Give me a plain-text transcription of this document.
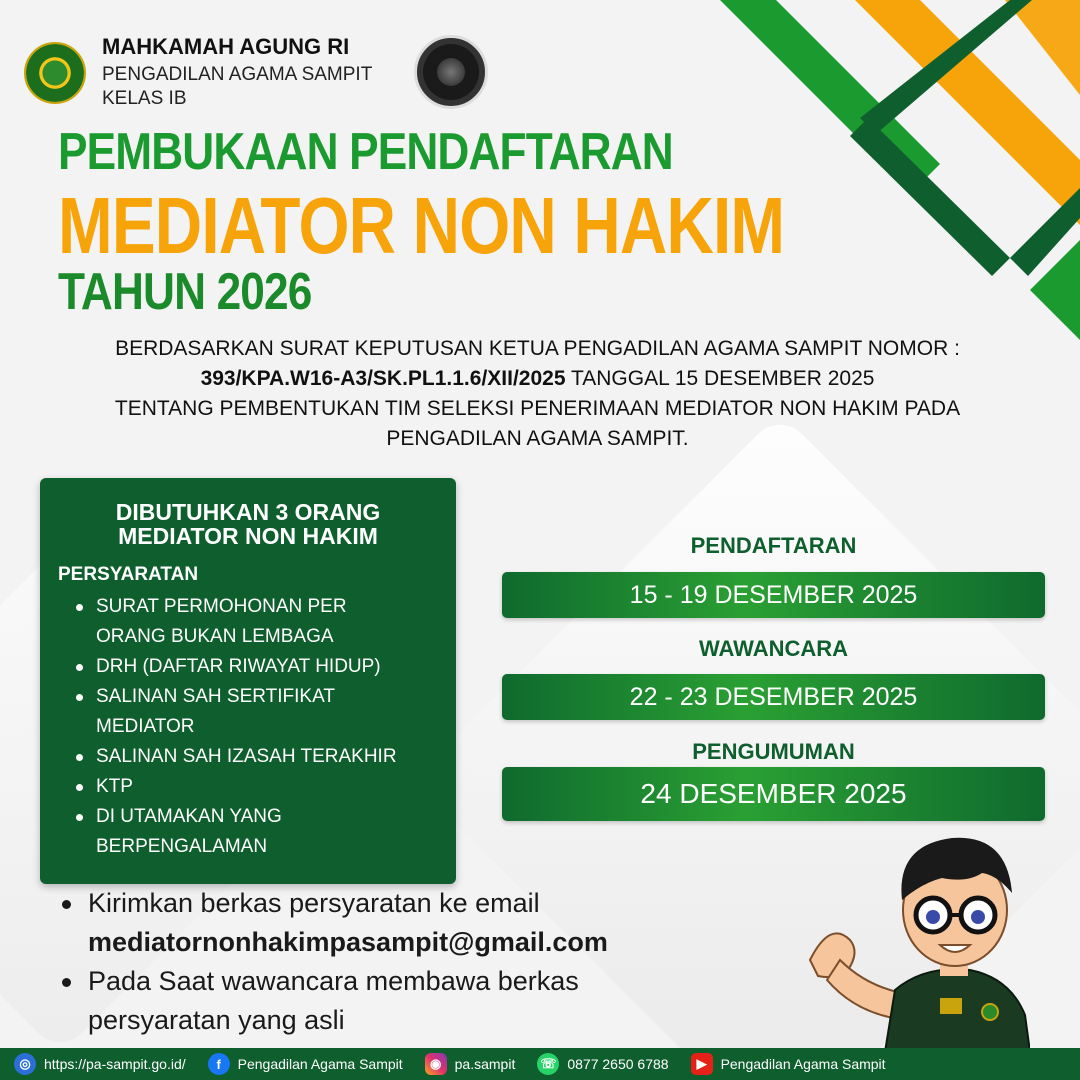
MAHKAMAH AGUNG RI
PENGADILAN AGAMA SAMPIT
KELAS IB
PEMBUKAAN PENDAFTARAN
MEDIATOR NON HAKIM
TAHUN 2026
BERDASARKAN SURAT KEPUTUSAN KETUA PENGADILAN AGAMA SAMPIT NOMOR :
393/KPA.W16-A3/SK.PL1.1.6/XII/2025 TANGGAL 15 DESEMBER 2025
TENTANG PEMBENTUKAN TIM SELEKSI PENERIMAAN MEDIATOR NON HAKIM PADA
PENGADILAN AGAMA SAMPIT.
DIBUTUHKAN 3 ORANG
MEDIATOR NON HAKIM
PERSYARATAN
SURAT PERMOHONAN PER ORANG BUKAN LEMBAGA
DRH (DAFTAR RIWAYAT HIDUP)
SALINAN SAH SERTIFIKAT MEDIATOR
SALINAN SAH IZASAH TERAKHIR
KTP
DI UTAMAKAN YANG BERPENGALAMAN
PENDAFTARAN
15 - 19 DESEMBER 2025
WAWANCARA
22 - 23 DESEMBER 2025
PENGUMUMAN
24 DESEMBER 2025
Kirimkan berkas persyaratan ke email
mediatornonhakimpasampit@gmail.com
Pada Saat wawancara membawa berkas persyaratan yang asli
◎ https://pa-sampit.go.id/	f	Pengadilan Agama Sampit	◉ pa.sampit ☏ 0877 2650 6788	▶	Pengadilan Agama Sampit
